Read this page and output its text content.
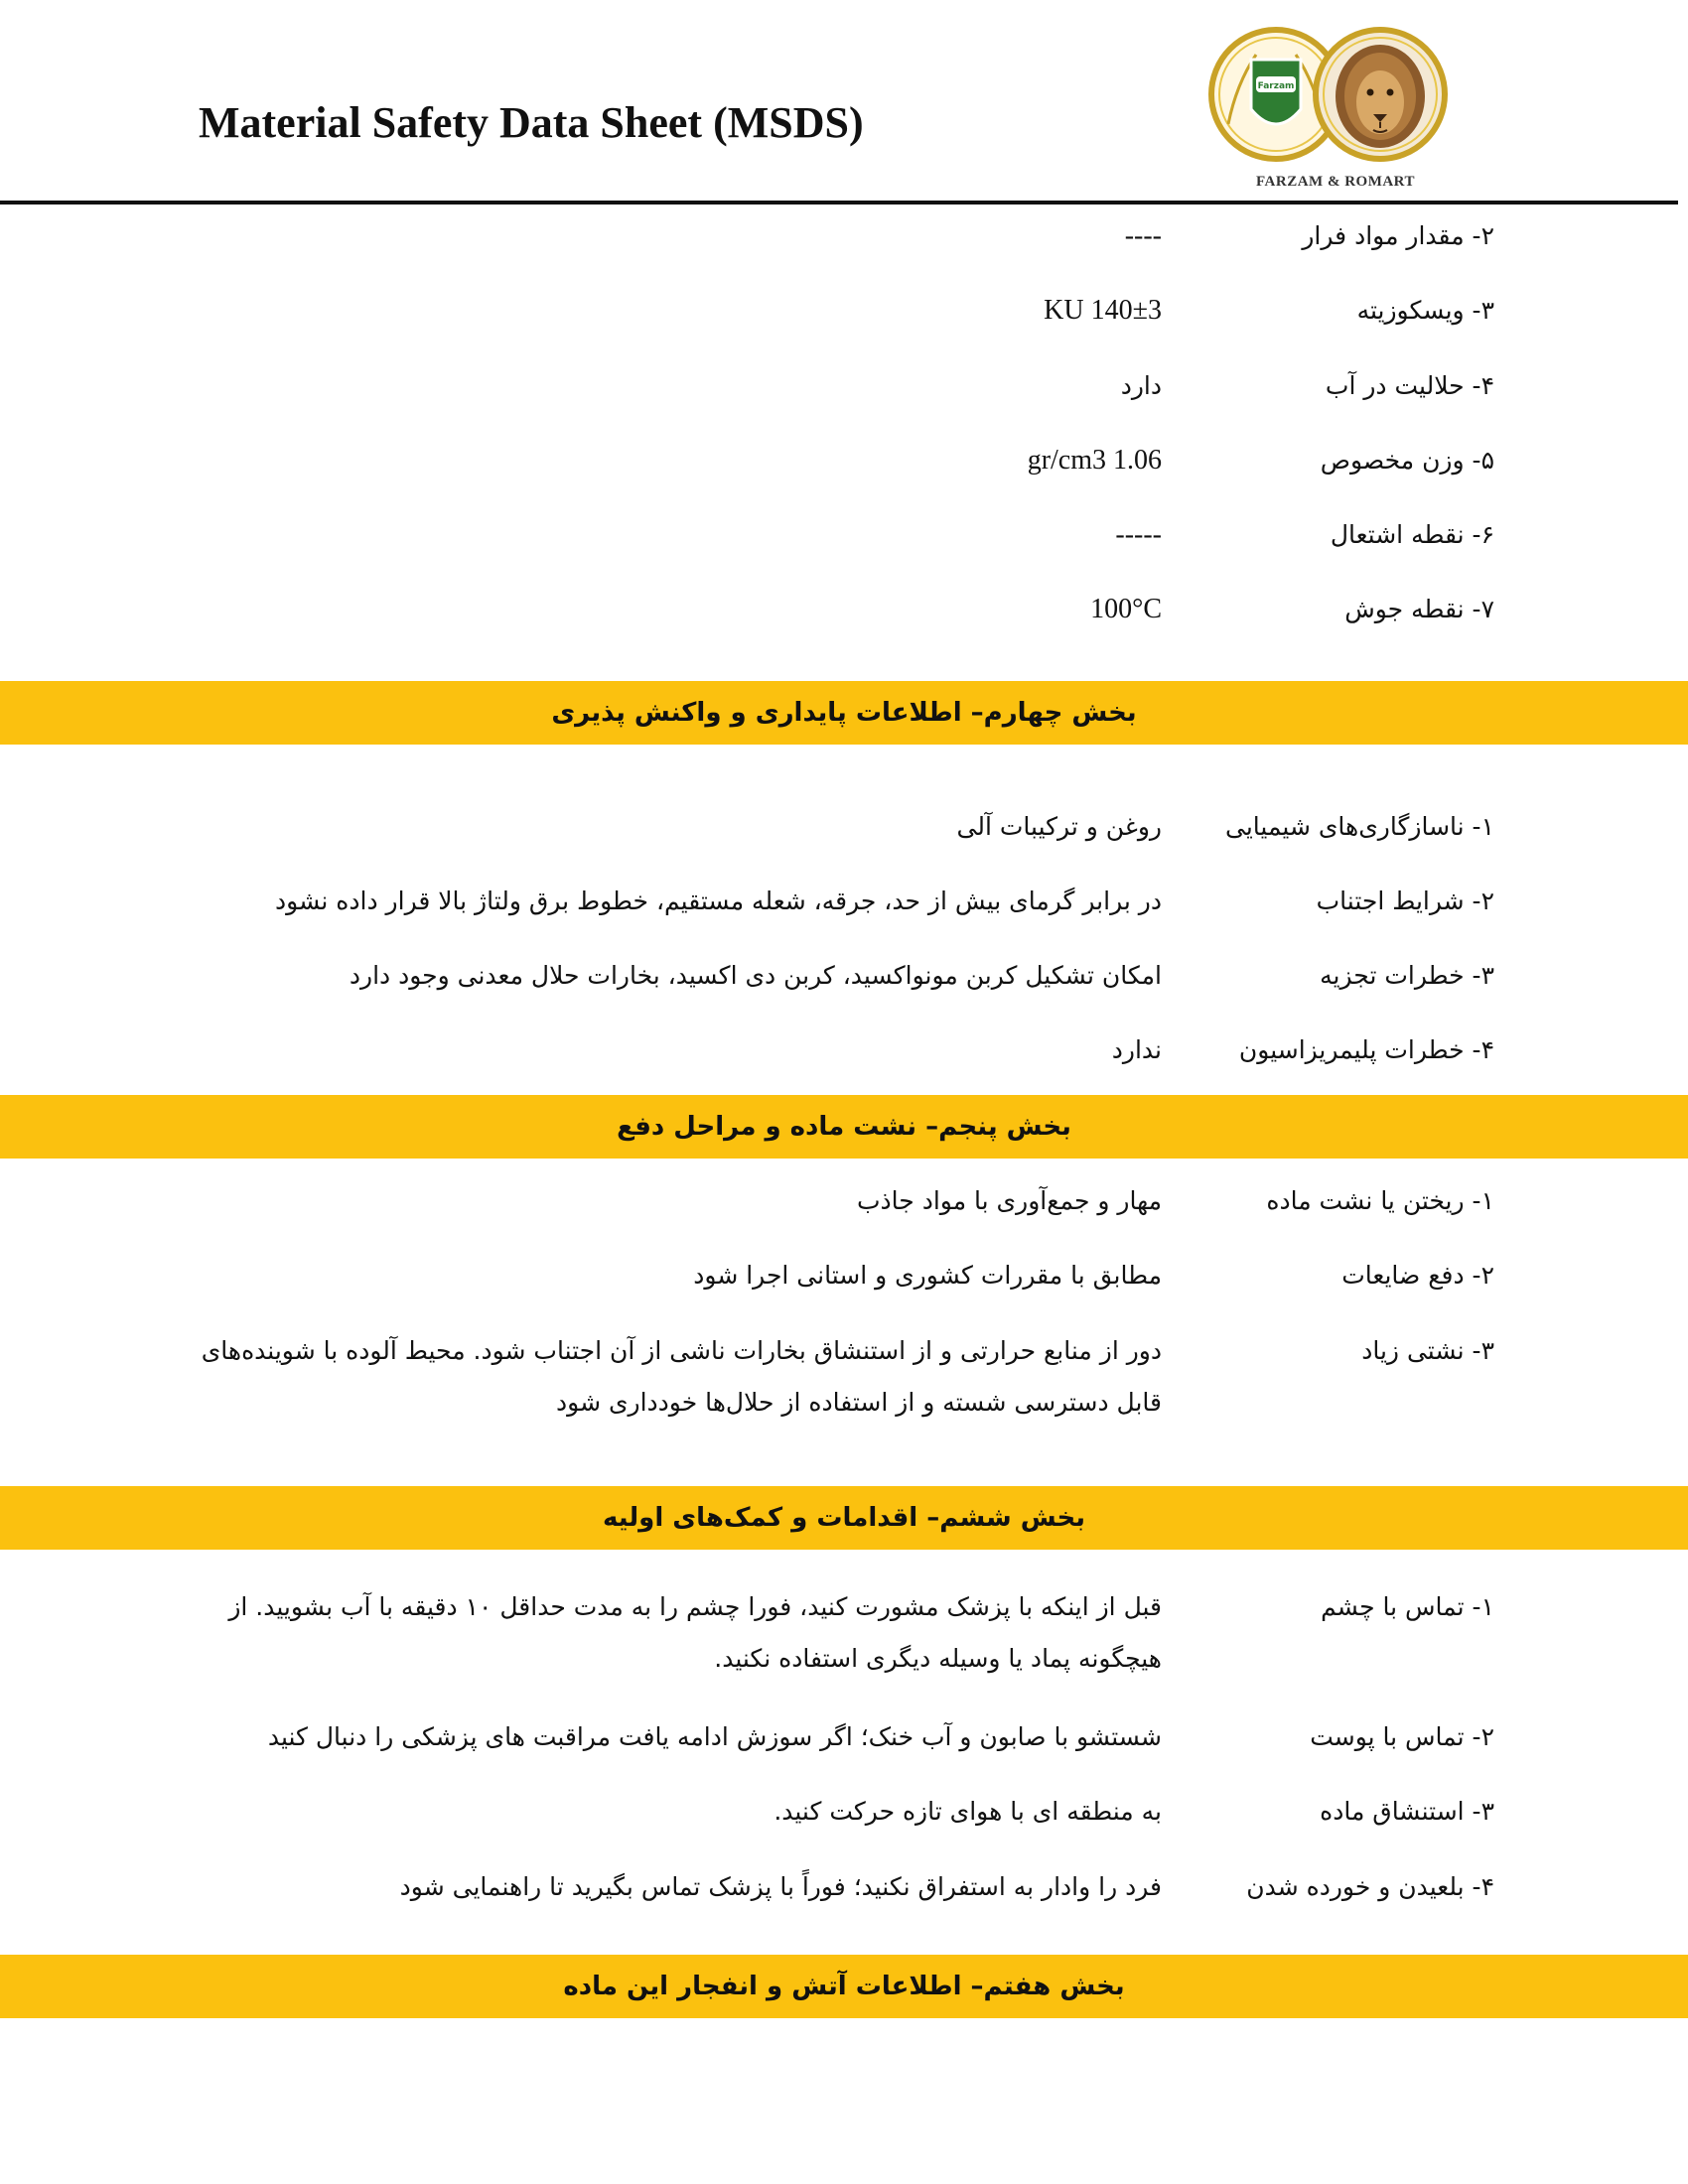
Material Safety Data Sheet (MSDS)
Farzam
FARZAM & ROMART
۲- مقدار مواد فرار
----
۳- ویسکوزیته
140±3 KU
۴- حلالیت در آب
دارد
۵- وزن مخصوص
1.06 gr/cm3
۶- نقطه اشتعال
-----
۷- نقطه جوش
100°C
بخش چهارم– اطلاعات پایداری و واکنش پذیری
۱- ناسازگاری‌های شیمیایی
روغن و ترکیبات آلی
۲- شرایط اجتناب
در برابر گرمای بیش از حد، جرقه، شعله مستقیم، خطوط برق ولتاژ بالا قرار داده نشود
۳- خطرات تجزیه
امکان تشکیل کربن مونواکسید، کربن دی اکسید، بخارات حلال معدنی وجود دارد
۴- خطرات پلیمریزاسیون
ندارد
بخش پنجم– نشت ماده و مراحل دفع
۱- ریختن یا نشت ماده
مهار و جمع‌آوری با مواد جاذب
۲- دفع ضایعات
مطابق با مقررات کشوری و استانی اجرا شود
۳- نشتی زیاد
دور از منابع حرارتی و از استنشاق بخارات ناشی از آن اجتناب شود. محیط آلوده با شوینده‌های قابل دسترسی شسته و از استفاده از حلال‌ها خودداری شود
بخش ششم– اقدامات و کمک‌های اولیه
۱- تماس با چشم
قبل از اینکه با پزشک مشورت کنید، فورا چشم را به مدت حداقل ۱۰ دقیقه با آب بشویید. از هیچگونه پماد یا وسیله دیگری استفاده نکنید.
۲- تماس با پوست
شستشو با صابون و آب خنک؛ اگر سوزش ادامه یافت مراقبت های پزشکی را دنبال کنید
۳- استنشاق ماده
به منطقه ای با هوای تازه حرکت کنید.
۴- بلعیدن و خورده شدن
فرد را وادار به استفراق نکنید؛ فوراً با پزشک تماس بگیرید تا راهنمایی شود
بخش هفتم– اطلاعات آتش و انفجار این ماده
